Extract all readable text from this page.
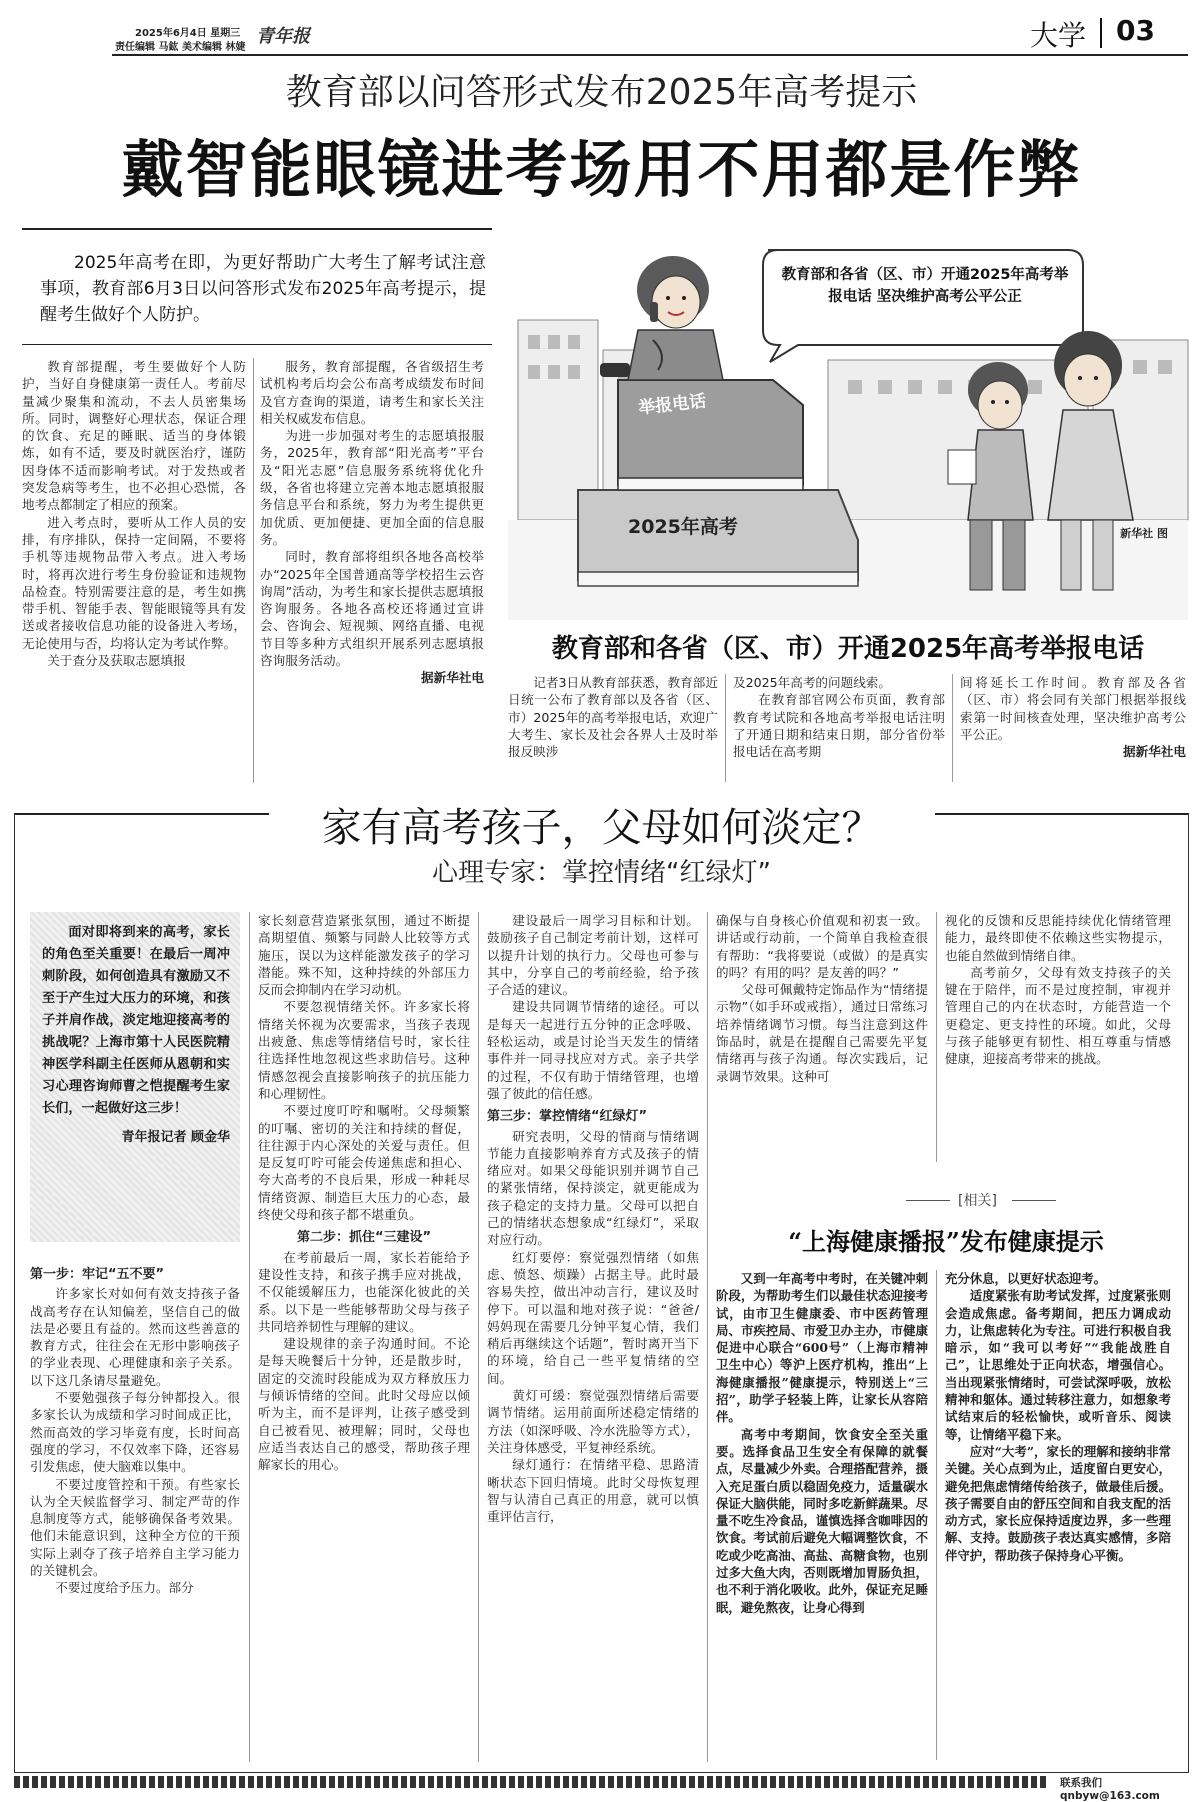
2025年6月4日 星期三
责任编辑 马鈜 美术编辑 林婕
青年报	大学 03
教育部以问答形式发布2025年高考提示
戴智能眼镜进考场用不用都是作弊

2025年高考在即，为更好帮助广大考生了解考试注意事项，教育部6月3日以问答形式发布2025年高考提示，提醒考生做好个人防护。

教育部提醒，考生要做好个人防护，当好自身健康第一责任人。考前尽量减少聚集和流动，不去人员密集场所。同时，调整好心理状态，保证合理的饮食、充足的睡眠、适当的身体锻炼，如有不适，要及时就医治疗，谨防因身体不适而影响考试。对于发热或者突发急病等考生，也不必担心恐慌，各地考点都制定了相应的预案。

进入考点时，要听从工作人员的安排，有序排队，保持一定间隔，不要将手机等违规物品带入考点。进入考场时，将再次进行考生身份验证和违规物品检查。特别需要注意的是，考生如携带手机、智能手表、智能眼镜等具有发送或者接收信息功能的设备进入考场，无论使用与否，均将认定为考试作弊。

关于查分及获取志愿填报

服务，教育部提醒，各省级招生考试机构考后均会公布高考成绩发布时间及官方查询的渠道，请考生和家长关注相关权威发布信息。

为进一步加强对考生的志愿填报服务，2025年，教育部“阳光高考”平台及“阳光志愿”信息服务系统将优化升级，各省也将建立完善本地志愿填报服务信息平台和系统，努力为考生提供更加优质、更加便捷、更加全面的信息服务。

同时，教育部将组织各地各高校举办“2025年全国普通高等学校招生云咨询周”活动，为考生和家长提供志愿填报咨询服务。各地各高校还将通过宣讲会、咨询会、短视频、网络直播、电视节目等多种方式组织开展系列志愿填报咨询服务活动。

据新华社电

教育部和各省（区、市）开通2025年高考举报电话 坚决维护高考公平公正
举报电话
2025年高考	新华社 图
教育部和各省（区、市）开通2025年高考举报电话

记者3日从教育部获悉，教育部近日统一公布了教育部以及各省（区、市）2025年的高考举报电话，欢迎广大考生、家长及社会各界人士及时举报反映涉

及2025年高考的问题线索。

在教育部官网公布页面，教育部教育考试院和各地高考举报电话注明了开通日期和结束日期，部分省份举报电话在高考期

间将延长工作时间。教育部及各省（区、市）将会同有关部门根据举报线索第一时间核查处理，坚决维护高考公平公正。

据新华社电

家有高考孩子，父母如何淡定？
心理专家：掌控情绪“红绿灯”

面对即将到来的高考，家长的角色至关重要！在最后一周冲刺阶段，如何创造具有激励又不至于产生过大压力的环境，和孩子并肩作战，淡定地迎接高考的挑战呢？上海市第十人民医院精神医学科副主任医师从恩朝和实习心理咨询师曹之恺提醒考生家长们，一起做好这三步！

青年报记者 顾金华

第一步：牢记“五不要”

许多家长对如何有效支持孩子备战高考存在认知偏差，坚信自己的做法是必要且有益的。然而这些善意的教育方式，往往会在无形中影响孩子的学业表现、心理健康和亲子关系。以下这几条请尽量避免。

不要勉强孩子每分钟都投入。很多家长认为成绩和学习时间成正比，然而高效的学习毕竟有度，长时间高强度的学习，不仅效率下降，还容易引发焦虑，使大脑难以集中。

不要过度管控和干预。有些家长认为全天候监督学习、制定严苛的作息制度等方式，能够确保备考效果。他们未能意识到，这种全方位的干预实际上剥夺了孩子培养自主学习能力的关键机会。

不要过度给予压力。部分

家长刻意营造紧张氛围，通过不断提高期望值、频繁与同龄人比较等方式施压，误以为这样能激发孩子的学习潜能。殊不知，这种持续的外部压力反而会抑制内在学习动机。

不要忽视情绪关怀。许多家长将情绪关怀视为次要需求，当孩子表现出疲惫、焦虑等情绪信号时，家长往往选择性地忽视这些求助信号。这种情感忽视会直接影响孩子的抗压能力和心理韧性。

不要过度叮咛和嘱咐。父母频繁的叮嘱、密切的关注和持续的督促，往往源于内心深处的关爱与责任。但是反复叮咛可能会传递焦虑和担心、夸大高考的不良后果，形成一种耗尽情绪资源、制造巨大压力的心态，最终使父母和孩子都不堪重负。

第二步：抓住“三建设”

在考前最后一周，家长若能给予建设性支持，和孩子携手应对挑战，不仅能缓解压力，也能深化彼此的关系。以下是一些能够帮助父母与孩子共同培养韧性与理解的建议。

建设规律的亲子沟通时间。不论是每天晚餐后十分钟，还是散步时，固定的交流时段能成为双方释放压力与倾诉情绪的空间。此时父母应以倾听为主，而不是评判，让孩子感受到自己被看见、被理解；同时，父母也应适当表达自己的感受，帮助孩子理解家长的用心。

建设最后一周学习目标和计划。鼓励孩子自己制定考前计划，这样可以提升计划的执行力。父母也可参与其中，分享自己的考前经验，给予孩子合适的建议。

建设共同调节情绪的途径。可以是每天一起进行五分钟的正念呼吸、轻松运动，或是讨论当天发生的情绪事件并一同寻找应对方式。亲子共学的过程，不仅有助于情绪管理，也增强了彼此的信任感。

第三步：掌控情绪“红绿灯”

研究表明，父母的情商与情绪调节能力直接影响养育方式及孩子的情绪应对。如果父母能识别并调节自己的紧张情绪，保持淡定，就更能成为孩子稳定的支持力量。父母可以把自己的情绪状态想象成“红绿灯”，采取对应行动。

红灯要停：察觉强烈情绪（如焦虑、愤怒、烦躁）占据主导。此时最容易失控，做出冲动言行，建议及时停下。可以温和地对孩子说：“爸爸/妈妈现在需要几分钟平复心情，我们稍后再继续这个话题”，暂时离开当下的环境，给自己一些平复情绪的空间。

黄灯可缓：察觉强烈情绪后需要调节情绪。运用前面所述稳定情绪的方法（如深呼吸、冷水洗脸等方式），关注身体感受，平复神经系统。

绿灯通行：在情绪平稳、思路清晰状态下回归情境。此时父母恢复理智与认清自己真正的用意，就可以慎重评估言行，

确保与自身核心价值观和初衷一致。讲话或行动前，一个简单自我检查很有帮助：“我将要说（或做）的是真实的吗？有用的吗？是友善的吗？”

父母可佩戴特定饰品作为“情绪提示物”（如手环或戒指），通过日常练习培养情绪调节习惯。每当注意到这件饰品时，就是在提醒自己需要先平复情绪再与孩子沟通。每次实践后，记录调节效果。这种可

视化的反馈和反思能持续优化情绪管理能力，最终即使不依赖这些实物提示，也能自然做到情绪自律。

高考前夕，父母有效支持孩子的关键在于陪伴，而不是过度控制，审视并管理自己的内在状态时，方能营造一个更稳定、更支持性的环境。如此，父母与孩子能够更有韧性、相互尊重与情感健康，迎接高考带来的挑战。

[相关]
“上海健康播报”发布健康提示

又到一年高考中考时，在关键冲刺阶段，为帮助考生们以最佳状态迎接考试，由市卫生健康委、市中医药管理局、市疾控局、市爱卫办主办，市健康促进中心联合“600号”（上海市精神卫生中心）等沪上医疗机构，推出“上海健康播报”健康提示，特别送上“三招”，助学子轻装上阵，让家长从容陪伴。

高考中考期间，饮食安全至关重要。选择食品卫生安全有保障的就餐点，尽量减少外卖。合理搭配营养，摄入充足蛋白质以稳固免疫力，适量碳水保证大脑供能，同时多吃新鲜蔬果。尽量不吃生冷食品，谨慎选择含咖啡因的饮食。考试前后避免大幅调整饮食，不吃或少吃高油、高盐、高糖食物，也别过多大鱼大肉，否则既增加胃肠负担，也不利于消化吸收。此外，保证充足睡眠，避免熬夜，让身心得到

充分休息，以更好状态迎考。

适度紧张有助考试发挥，过度紧张则会造成焦虑。备考期间，把压力调成动力，让焦虑转化为专注。可进行积极自我暗示，如“我可以考好”“我能战胜自己”，让思维处于正向状态，增强信心。当出现紧张情绪时，可尝试深呼吸，放松精神和躯体。通过转移注意力，如想象考试结束后的轻松愉快，或听音乐、阅读等，让情绪平稳下来。

应对“大考”，家长的理解和接纳非常关键。关心点到为止，适度留白更安心，避免把焦虑情绪传给孩子，做最佳后援。孩子需要自由的舒压空间和自我支配的活动方式，家长应保持适度边界，多一些理解、支持。鼓励孩子表达真实感情，多陪伴守护，帮助孩子保持身心平衡。

联系我们 qnbyw@163.com
